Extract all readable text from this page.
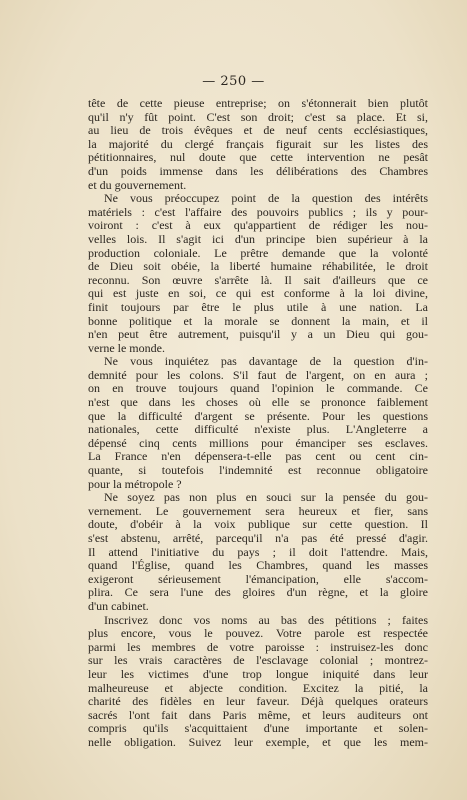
— 250 —
tête de cette pieuse entreprise; on s'étonnerait bien plutôt
qu'il n'y fût point. C'est son droit; c'est sa place. Et si,
au lieu de trois évêques et de neuf cents ecclésiastiques,
la majorité du clergé français figurait sur les listes des
pétitionnaires, nul doute que cette intervention ne pesât
d'un poids immense dans les délibérations des Chambres
et du gouvernement.
Ne vous préoccupez point de la question des intérêts
matériels : c'est l'affaire des pouvoirs publics ; ils y pour-
voiront : c'est à eux qu'appartient de rédiger les nou-
velles lois. Il s'agit ici d'un principe bien supérieur à la
production coloniale. Le prêtre demande que la volonté
de Dieu soit obéie, la liberté humaine réhabilitée, le droit
reconnu. Son œuvre s'arrête là. Il sait d'ailleurs que ce
qui est juste en soi, ce qui est conforme à la loi divine,
finit toujours par être le plus utile à une nation. La
bonne politique et la morale se donnent la main, et il
n'en peut être autrement, puisqu'il y a un Dieu qui gou-
verne le monde.
Ne vous inquiétez pas davantage de la question d'in-
demnité pour les colons. S'il faut de l'argent, on en aura ;
on en trouve toujours quand l'opinion le commande. Ce
n'est que dans les choses où elle se prononce faiblement
que la difficulté d'argent se présente. Pour les questions
nationales, cette difficulté n'existe plus. L'Angleterre a
dépensé cinq cents millions pour émanciper ses esclaves.
La France n'en dépensera-t-elle pas cent ou cent cin-
quante, si toutefois l'indemnité est reconnue obligatoire
pour la métropole ?
Ne soyez pas non plus en souci sur la pensée du gou-
vernement. Le gouvernement sera heureux et fier, sans
doute, d'obéir à la voix publique sur cette question. Il
s'est abstenu, arrêté, parcequ'il n'a pas été pressé d'agir.
Il attend l'initiative du pays ; il doit l'attendre. Mais,
quand l'Église, quand les Chambres, quand les masses
exigeront sérieusement l'émancipation, elle s'accom-
plira. Ce sera l'une des gloires d'un règne, et la gloire
d'un cabinet.
Inscrivez donc vos noms au bas des pétitions ; faites
plus encore, vous le pouvez. Votre parole est respectée
parmi les membres de votre paroisse : instruisez-les donc
sur les vrais caractères de l'esclavage colonial ; montrez-
leur les victimes d'une trop longue iniquité dans leur
malheureuse et abjecte condition. Excitez la pitié, la
charité des fidèles en leur faveur. Déjà quelques orateurs
sacrés l'ont fait dans Paris même, et leurs auditeurs ont
compris qu'ils s'acquittaient d'une importante et solen-
nelle obligation. Suivez leur exemple, et que les mem-
